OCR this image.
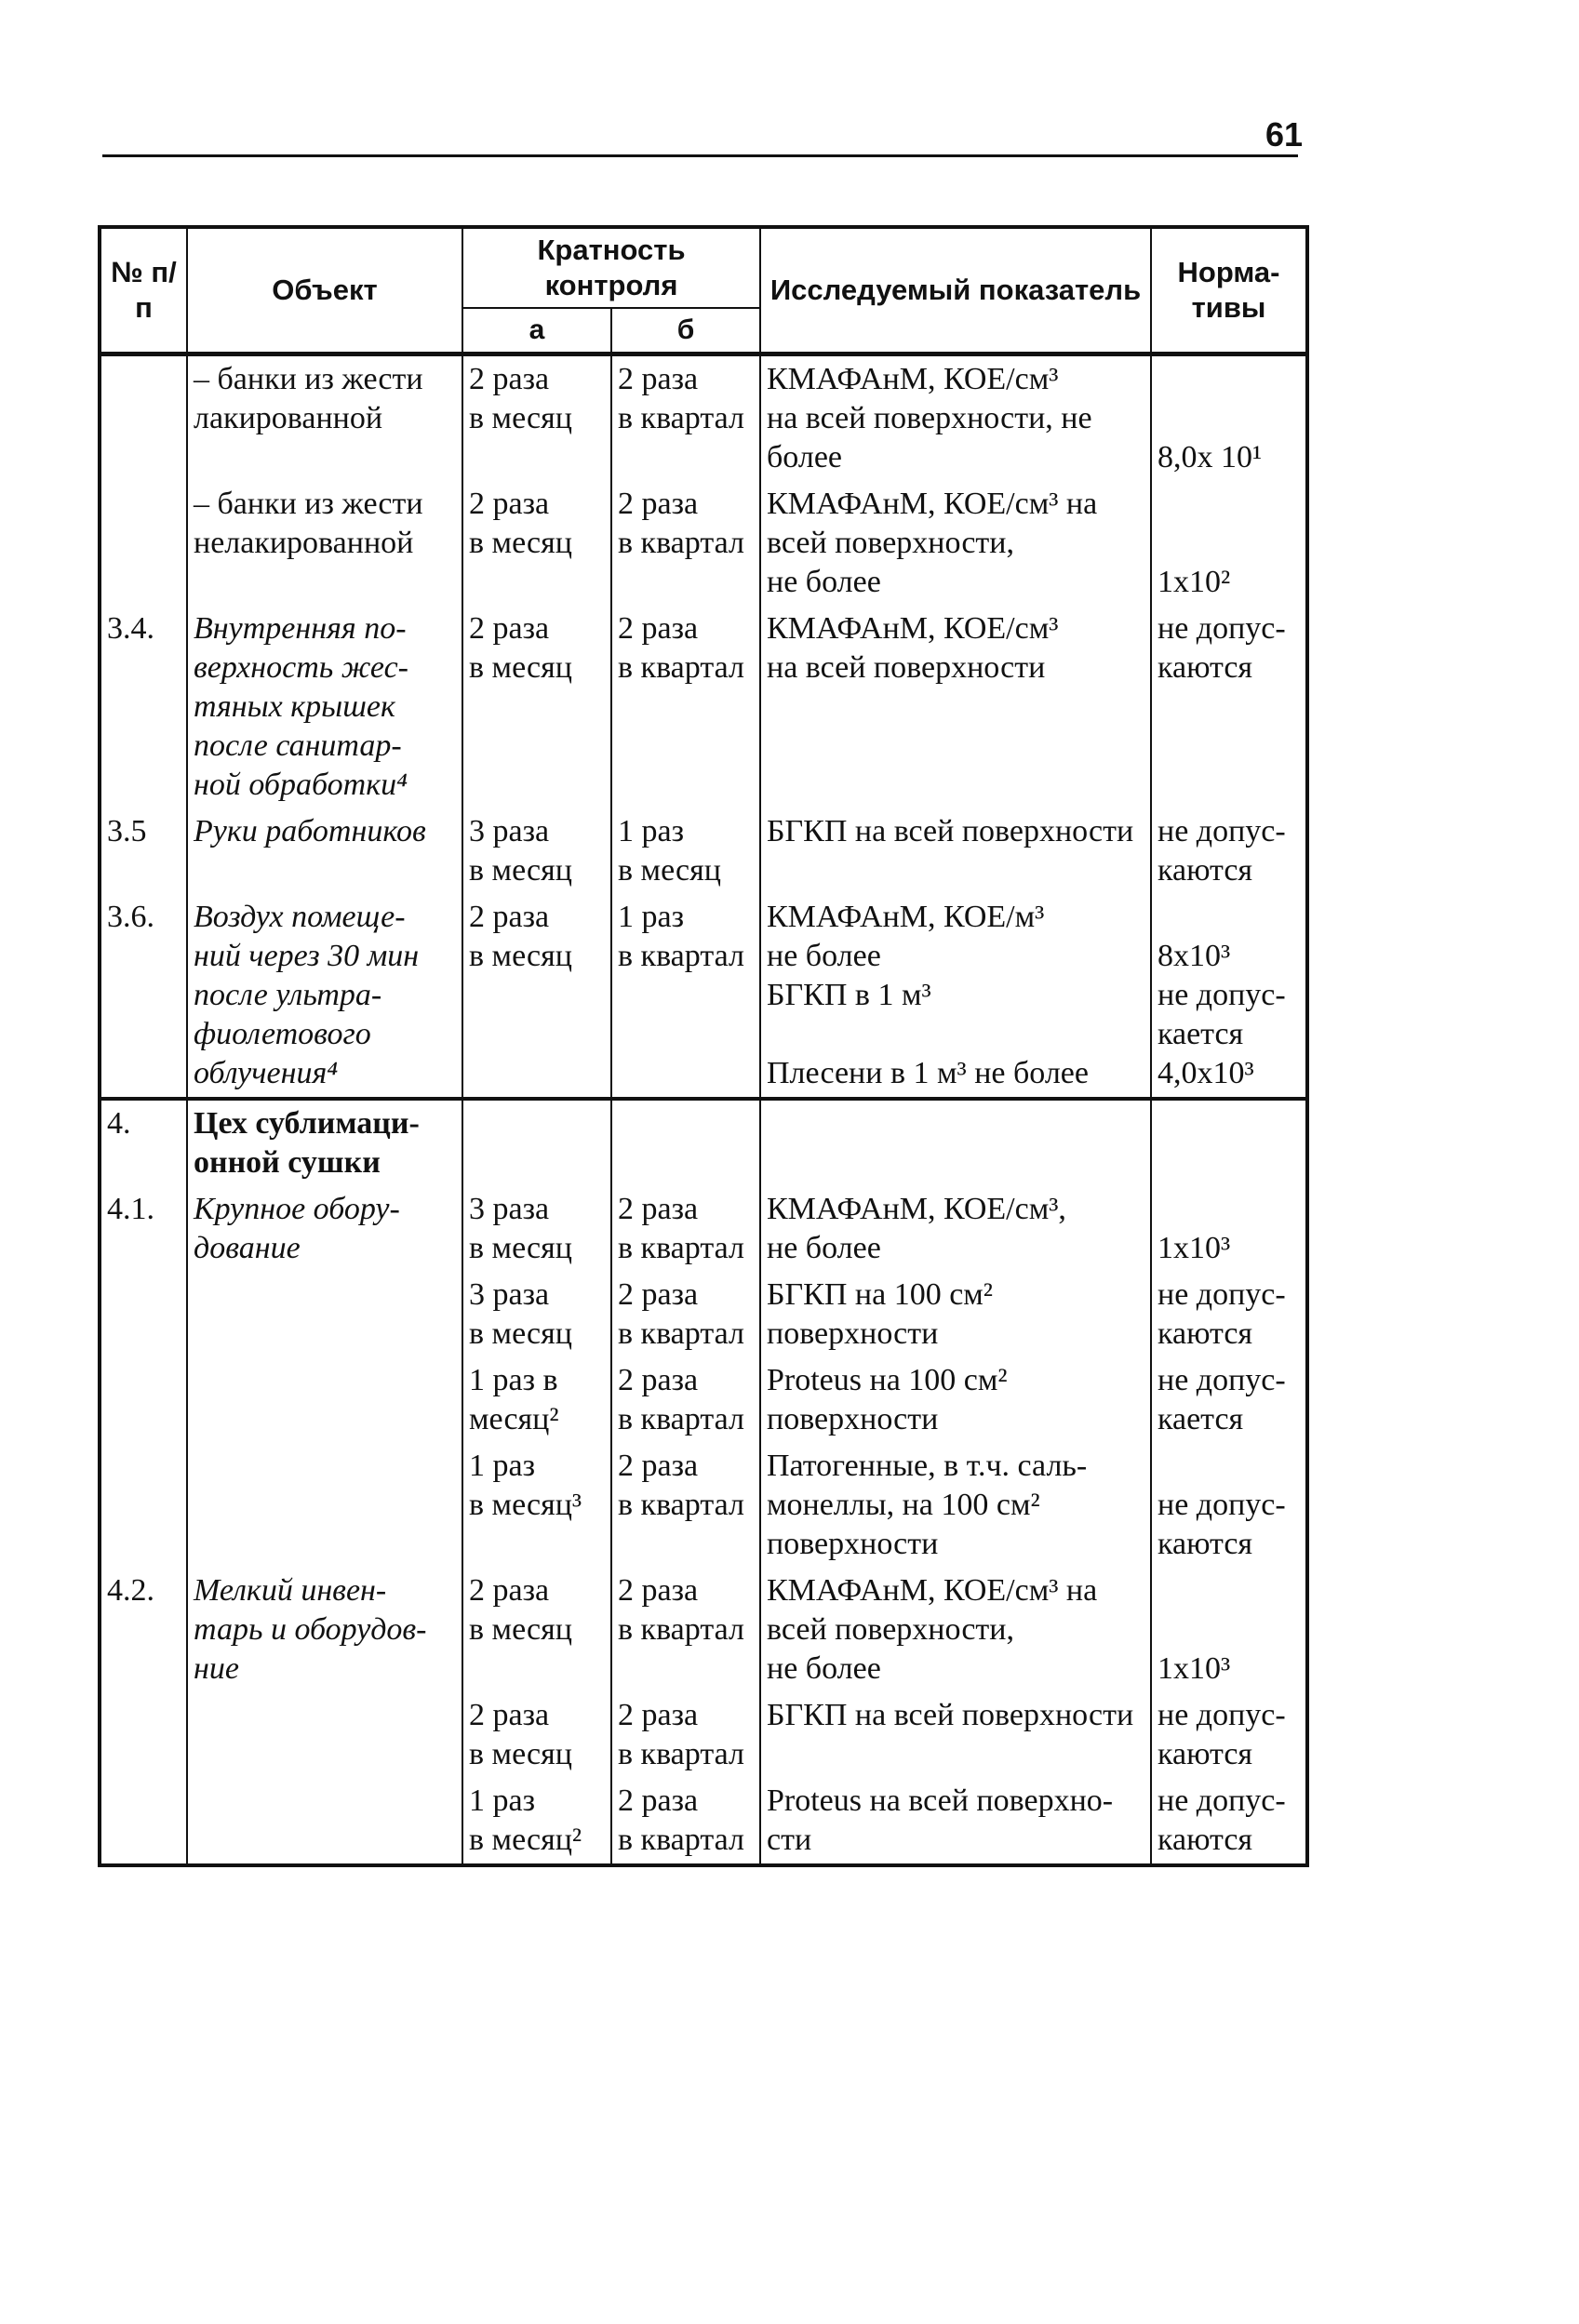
61
№ п/п	Объект	Кратность контроля		Исследуемый показатель	Норма-тивы
		а	б		

	– банки из жести
лакированной	2 раза
в месяц	2 раза
в квартал	КМАФАнМ, КОЕ/см³
на всей поверхности, не
более	8,0х 10¹

	– банки из жести
нелакированной	2 раза
в месяц	2 раза
в квартал	КМАФАнМ, КОЕ/см³ на
всей поверхности,
не более	1х10²

3.4.	Внутренняя по-
верхность жес-
тяных крышек
после санитар-
ной обработки⁴	2 раза
в месяц	2 раза
в квартал	КМАФАнМ, КОЕ/см³
на всей поверхности	не допус-
каются

3.5	Руки работников	3 раза
в месяц	1 раз
в месяц	БГКП на всей поверхности	не допус-
каются

3.6.	Воздух помеще-
ний через 30 мин
после ультра-
фиолетового
облучения⁴	2 раза
в месяц	1 раз
в квартал	КМАФАнМ, КОЕ/м³
не более
БГКП в 1 м³
Плесени в 1 м³ не более	8х10³
не допус-
кается
4,0х10³

4.	Цех сублимаци-
онной сушки				

4.1.	Крупное обору-
дование	3 раза
в месяц	2 раза
в квартал	КМАФАнМ, КОЕ/см³,
не более	1х10³

		3 раза
в месяц	2 раза
в квартал	БГКП на 100 см²
поверхности	не допус-
каются

		1 раз в
месяц²	2 раза
в квартал	Proteus на 100 см²
поверхности	не допус-
кается

		1 раз
в месяц³	2 раза
в квартал	Патогенные, в т.ч. саль-
монеллы, на 100 см²
поверхности	не допус-
каются

4.2.	Мелкий инвен-
тарь и оборудов-
ние	2 раза
в месяц	2 раза
в квартал	КМАФАнМ, КОЕ/см³ на
всей поверхности,
не более	1х10³

		2 раза
в месяц	2 раза
в квартал	БГКП на всей поверхности	не допус-
каются

		1 раз
в месяц²	2 раза
в квартал	Proteus на всей поверхно-
сти	не допус-
каются
